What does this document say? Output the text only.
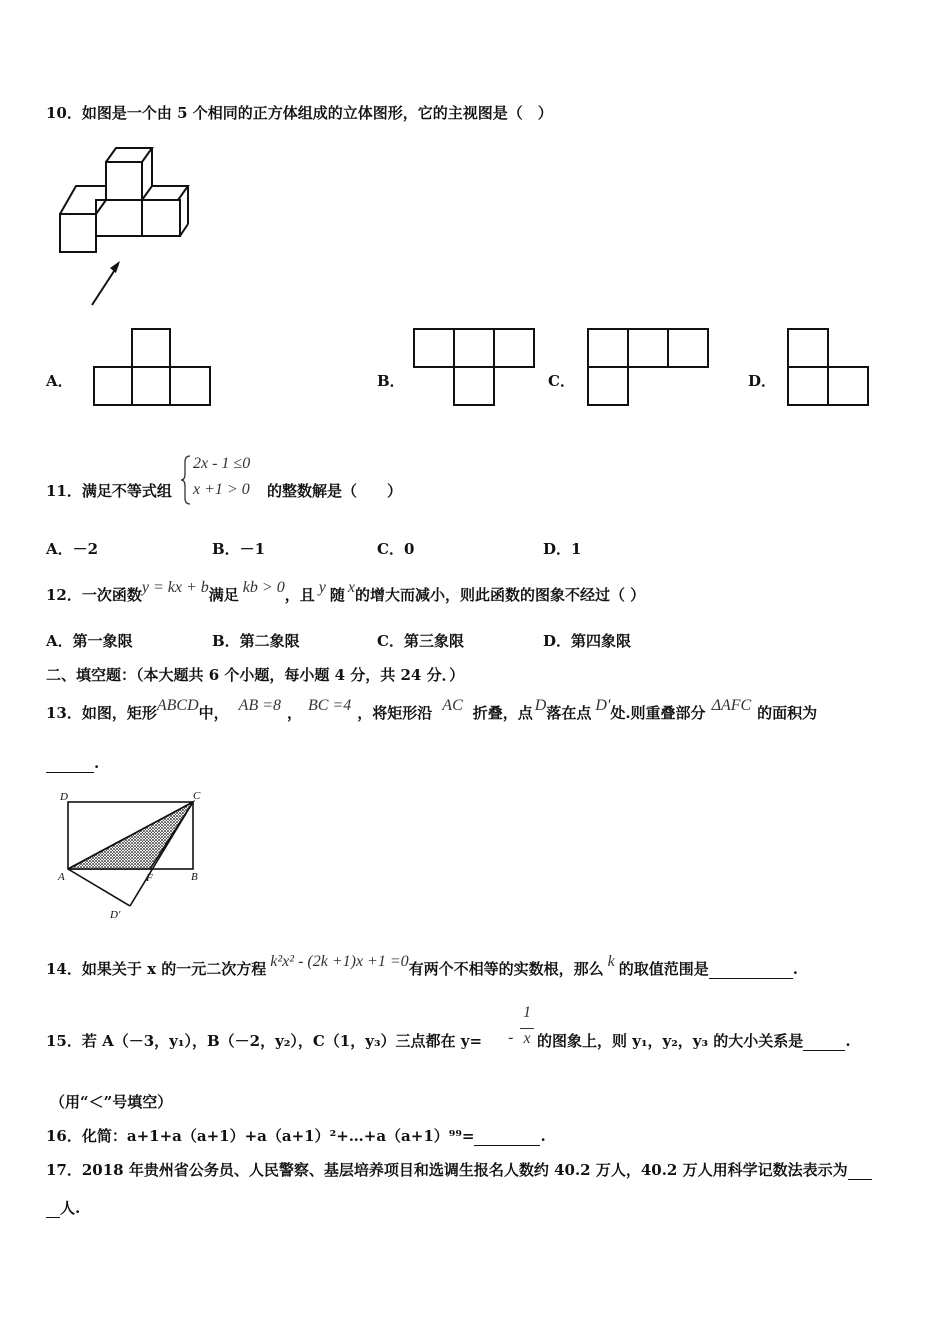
10．如图是一个由 5 个相同的正方体组成的立体图形，它的主视图是（　）
A．	B．	C．	D．
11．满足不等式组
2x - 1 ≤0
x +1 > 0 的整数解是（　　）
A．－2	B．－1	C．0	D．1
12．一次函数y = kx + b满足 kb > 0，且 y 随 x的增大而减小，则此函数的图象不经过（ ）
A．第一象限	B．第二象限	C．第三象限	D．第四象限
二、填空题：（本大题共 6 个小题，每小题 4 分，共 24 分．）
13．如图，矩形ABCD中， AB =8 ， BC =4 ，将矩形沿 AC 折叠，点 D落在点 D'处.则重叠部分 ΔAFC 的面积为
.
D	C
A	F	B
D'
14．如果关于 x 的一元二次方程 k²x² - (2k +1)x +1 =0有两个不相等的实数根，那么 k 的取值范围是	.
15．若 A（－3，y₁），B（－2，y₂），C（1，y₃）三点都在 y= -
1
x 的图象上，则 y₁，y₂，y₃ 的大小关系是	.
（用“＜”号填空）
16．化简：a+1+a（a+1）+a（a+1）²+…+a（a+1）⁹⁹=	.
17．2018 年贵州省公务员、人民警察、基层培养项目和选调生报名人数约 40.2 万人，40.2 万人用科学记数法表示为
人.
